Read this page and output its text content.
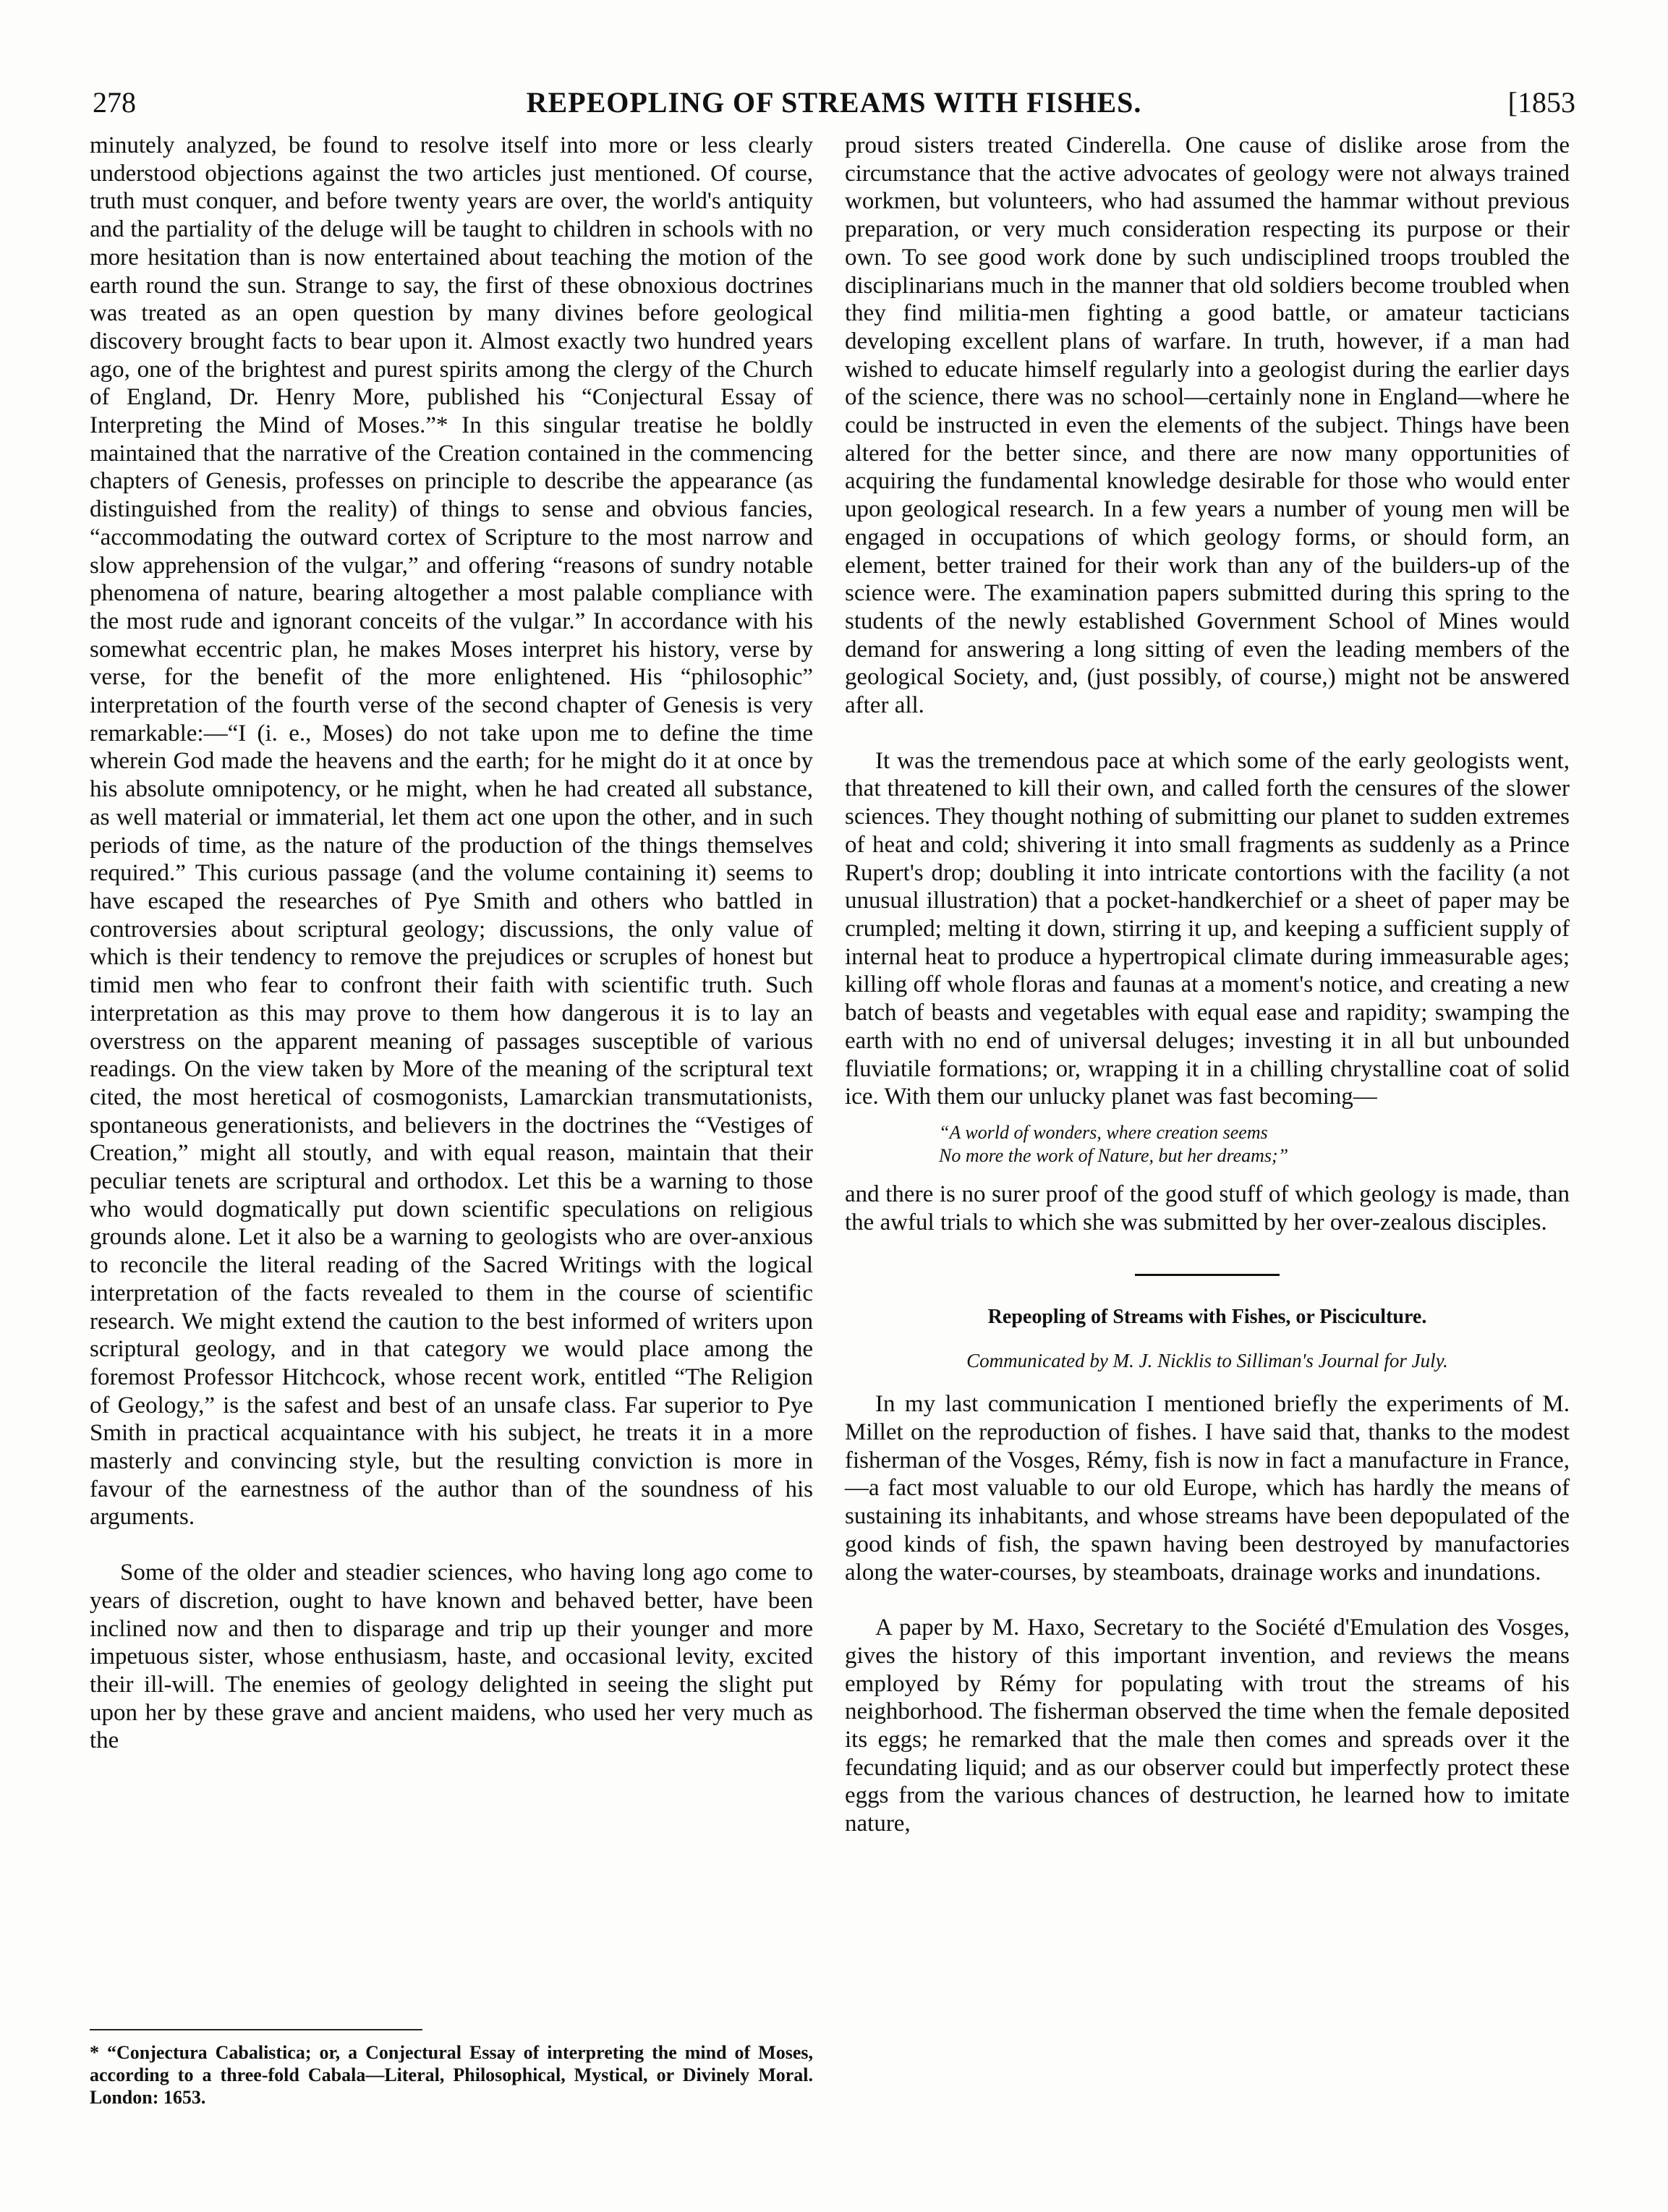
278	REPEOPLING OF STREAMS WITH FISHES.	[1853

minutely analyzed, be found to resolve itself into more or less clearly understood objections against the two articles just mentioned. Of course, truth must conquer, and before twenty years are over, the world's antiquity and the partiality of the deluge will be taught to children in schools with no more hesitation than is now entertained about teaching the motion of the earth round the sun. Strange to say, the first of these obnoxious doctrines was treated as an open question by many divines before geological discovery brought facts to bear upon it. Almost exactly two hundred years ago, one of the brightest and purest spirits among the clergy of the Church of England, Dr. Henry More, published his “Conjectural Essay of Interpreting the Mind of Moses.”* In this singular treatise he boldly maintained that the narrative of the Creation contained in the commencing chapters of Genesis, professes on principle to describe the appearance (as distinguished from the reality) of things to sense and obvious fancies, “accommodating the outward cortex of Scripture to the most narrow and slow apprehension of the vulgar,” and offering “reasons of sundry notable phenomena of nature, bearing altogether a most palable compliance with the most rude and ignorant conceits of the vulgar.” In accordance with his somewhat eccentric plan, he makes Moses interpret his history, verse by verse, for the benefit of the more enlightened. His “philosophic” interpretation of the fourth verse of the second chapter of Genesis is very remarkable:—“I (i. e., Moses) do not take upon me to define the time wherein God made the heavens and the earth; for he might do it at once by his absolute omnipotency, or he might, when he had created all substance, as well material or immaterial, let them act one upon the other, and in such periods of time, as the nature of the production of the things themselves required.” This curious passage (and the volume containing it) seems to have escaped the researches of Pye Smith and others who battled in controversies about scriptural geology; discussions, the only value of which is their tendency to remove the prejudices or scruples of honest but timid men who fear to confront their faith with scientific truth. Such interpretation as this may prove to them how dangerous it is to lay an overstress on the apparent meaning of passages susceptible of various readings. On the view taken by More of the meaning of the scriptural text cited, the most heretical of cosmogonists, Lamarckian transmutationists, spontaneous generationists, and believers in the doctrines the “Vestiges of Creation,” might all stoutly, and with equal reason, maintain that their peculiar tenets are scriptural and orthodox. Let this be a warning to those who would dogmatically put down scientific speculations on religious grounds alone. Let it also be a warning to geologists who are over-anxious to reconcile the literal reading of the Sacred Writings with the logical interpretation of the facts revealed to them in the course of scientific research. We might extend the caution to the best informed of writers upon scriptural geology, and in that category we would place among the foremost Professor Hitchcock, whose recent work, entitled “The Religion of Geology,” is the safest and best of an unsafe class. Far superior to Pye Smith in practical acquaintance with his subject, he treats it in a more masterly and convincing style, but the resulting conviction is more in favour of the earnestness of the author than of the soundness of his arguments.

Some of the older and steadier sciences, who having long ago come to years of discretion, ought to have known and behaved better, have been inclined now and then to disparage and trip up their younger and more impetuous sister, whose enthusiasm, haste, and occasional levity, excited their ill-will. The enemies of geology delighted in seeing the slight put upon her by these grave and ancient maidens, who used her very much as the

* “Conjectura Cabalistica; or, a Conjectural Essay of interpreting the mind of Moses, according to a three-fold Cabala—Literal, Philosophical, Mystical, or Divinely Moral. London: 1653.

proud sisters treated Cinderella. One cause of dislike arose from the circumstance that the active advocates of geology were not always trained workmen, but volunteers, who had assumed the hammar without previous preparation, or very much consideration respecting its purpose or their own. To see good work done by such undisciplined troops troubled the disciplinarians much in the manner that old soldiers become troubled when they find militia-men fighting a good battle, or amateur tacticians developing excellent plans of warfare. In truth, however, if a man had wished to educate himself regularly into a geologist during the earlier days of the science, there was no school—certainly none in England—where he could be instructed in even the elements of the subject. Things have been altered for the better since, and there are now many opportunities of acquiring the fundamental knowledge desirable for those who would enter upon geological research. In a few years a number of young men will be engaged in occupations of which geology forms, or should form, an element, better trained for their work than any of the builders-up of the science were. The examination papers submitted during this spring to the students of the newly established Government School of Mines would demand for answering a long sitting of even the leading members of the geological Society, and, (just possibly, of course,) might not be answered after all.

It was the tremendous pace at which some of the early geologists went, that threatened to kill their own, and called forth the censures of the slower sciences. They thought nothing of submitting our planet to sudden extremes of heat and cold; shivering it into small fragments as suddenly as a Prince Rupert's drop; doubling it into intricate contortions with the facility (a not unusual illustration) that a pocket-handkerchief or a sheet of paper may be crumpled; melting it down, stirring it up, and keeping a sufficient supply of internal heat to produce a hypertropical climate during immeasurable ages; killing off whole floras and faunas at a moment's notice, and creating a new batch of beasts and vegetables with equal ease and rapidity; swamping the earth with no end of universal deluges; investing it in all but unbounded fluviatile formations; or, wrapping it in a chilling chrystalline coat of solid ice. With them our unlucky planet was fast becoming—

“A world of wonders, where creation seems
No more the work of Nature, but her dreams;”

and there is no surer proof of the good stuff of which geology is made, than the awful trials to which she was submitted by her over-zealous disciples.

Repeopling of Streams with Fishes, or Pisciculture.
Communicated by M. J. Nicklis to Silliman's Journal for July.

In my last communication I mentioned briefly the experiments of M. Millet on the reproduction of fishes. I have said that, thanks to the modest fisherman of the Vosges, Rémy, fish is now in fact a manufacture in France,—a fact most valuable to our old Europe, which has hardly the means of sustaining its inhabitants, and whose streams have been depopulated of the good kinds of fish, the spawn having been destroyed by manufactories along the water-courses, by steamboats, drainage works and inundations.

A paper by M. Haxo, Secretary to the Société d'Emulation des Vosges, gives the history of this important invention, and reviews the means employed by Rémy for populating with trout the streams of his neighborhood. The fisherman observed the time when the female deposited its eggs; he remarked that the male then comes and spreads over it the fecundating liquid; and as our observer could but imperfectly protect these eggs from the various chances of destruction, he learned how to imitate nature,
